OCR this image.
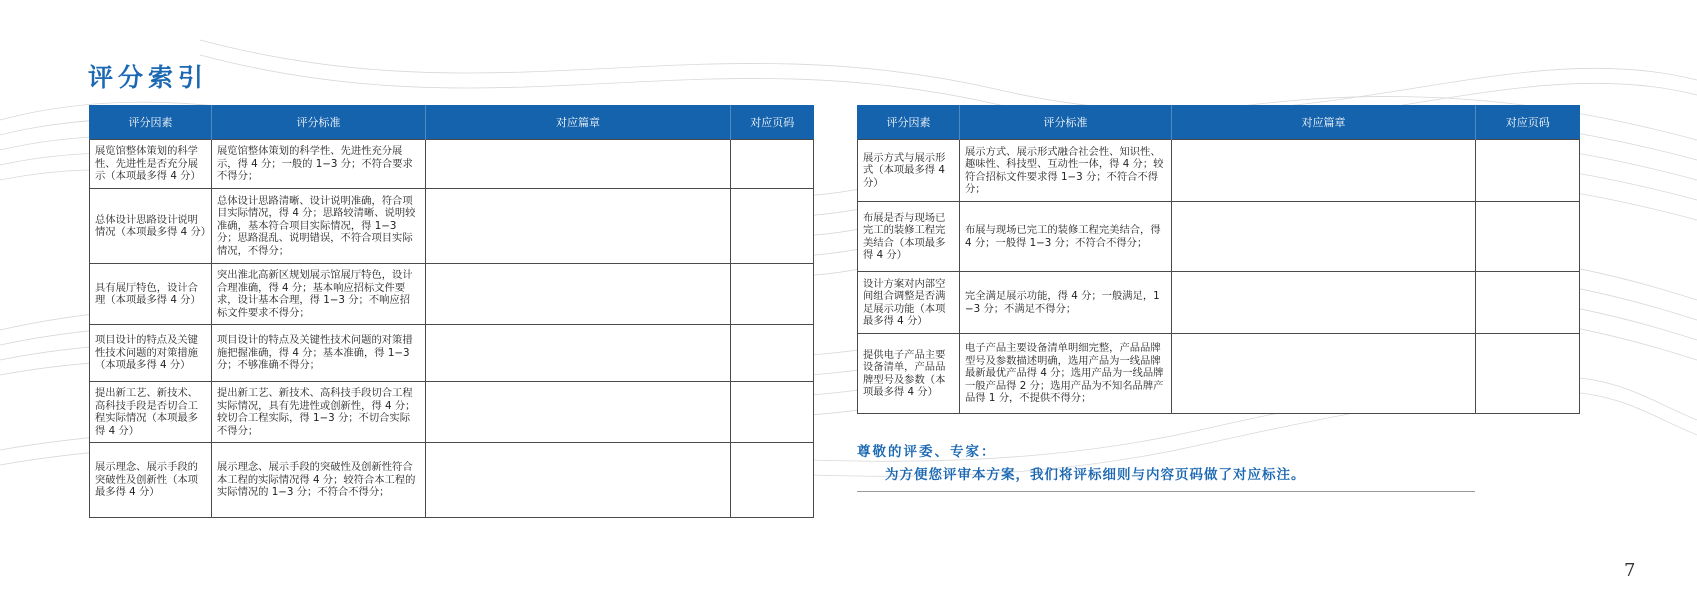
评分索引
评分因素	评分标准	对应篇章	对应页码
展览馆整体策划的科学性、先进性是否充分展示（本项最多得 4 分）	展览馆整体策划的科学性、先进性充分展示，得 4 分；一般的 1−3 分；不符合要求不得分；		
总体设计思路设计说明情况（本项最多得 4 分）	总体设计思路清晰、设计说明准确，符合项目实际情况，得 4 分；思路较清晰、说明较准确，基本符合项目实际情况，得 1−3 分；思路混乱、说明错误，不符合项目实际情况，不得分；		
具有展厅特色，设计合理（本项最多得 4 分）	突出淮北高新区规划展示馆展厅特色，设计合理准确，得 4 分；基本响应招标文件要求，设计基本合理，得 1−3 分；不响应招标文件要求不得分；		
项目设计的特点及关键性技术问题的对策措施（本项最多得 4 分）	项目设计的特点及关键性技术问题的对策措施把握准确，得 4 分；基本准确，得 1−3 分；不够准确不得分；		
提出新工艺、新技术、高科技手段是否切合工程实际情况（本项最多得 4 分）	提出新工艺、新技术、高科技手段切合工程实际情况，具有先进性或创新性，得 4 分；较切合工程实际，得 1−3 分；不切合实际不得分；		
展示理念、展示手段的突破性及创新性（本项最多得 4 分）	展示理念、展示手段的突破性及创新性符合本工程的实际情况得 4 分；较符合本工程的实际情况的 1−3 分；不符合不得分；		
评分因素	评分标准	对应篇章	对应页码
展示方式与展示形式（本项最多得 4 分）	展示方式、展示形式融合社会性、知识性、趣味性、科技型、互动性一体，得 4 分；较符合招标文件要求得 1−3 分；不符合不得分；		
布展是否与现场已完工的装修工程完美结合（本项最多得 4 分）	布展与现场已完工的装修工程完美结合，得 4 分；一般得 1−3 分；不符合不得分；		
设计方案对内部空间组合调整是否满足展示功能（本项最多得 4 分）	完全满足展示功能，得 4 分；一般满足，1−3 分；不满足不得分；		
提供电子产品主要设备清单，产品品牌型号及参数（本项最多得 4 分）	电子产品主要设备清单明细完整，产品品牌型号及参数描述明确，选用产品为一线品牌最新最优产品得 4 分；选用产品为一线品牌一般产品得 2 分；选用产品为不知名品牌产品得 1 分，不提供不得分；		
尊敬的评委、专家：
为方便您评审本方案，我们将评标细则与内容页码做了对应标注。
7
